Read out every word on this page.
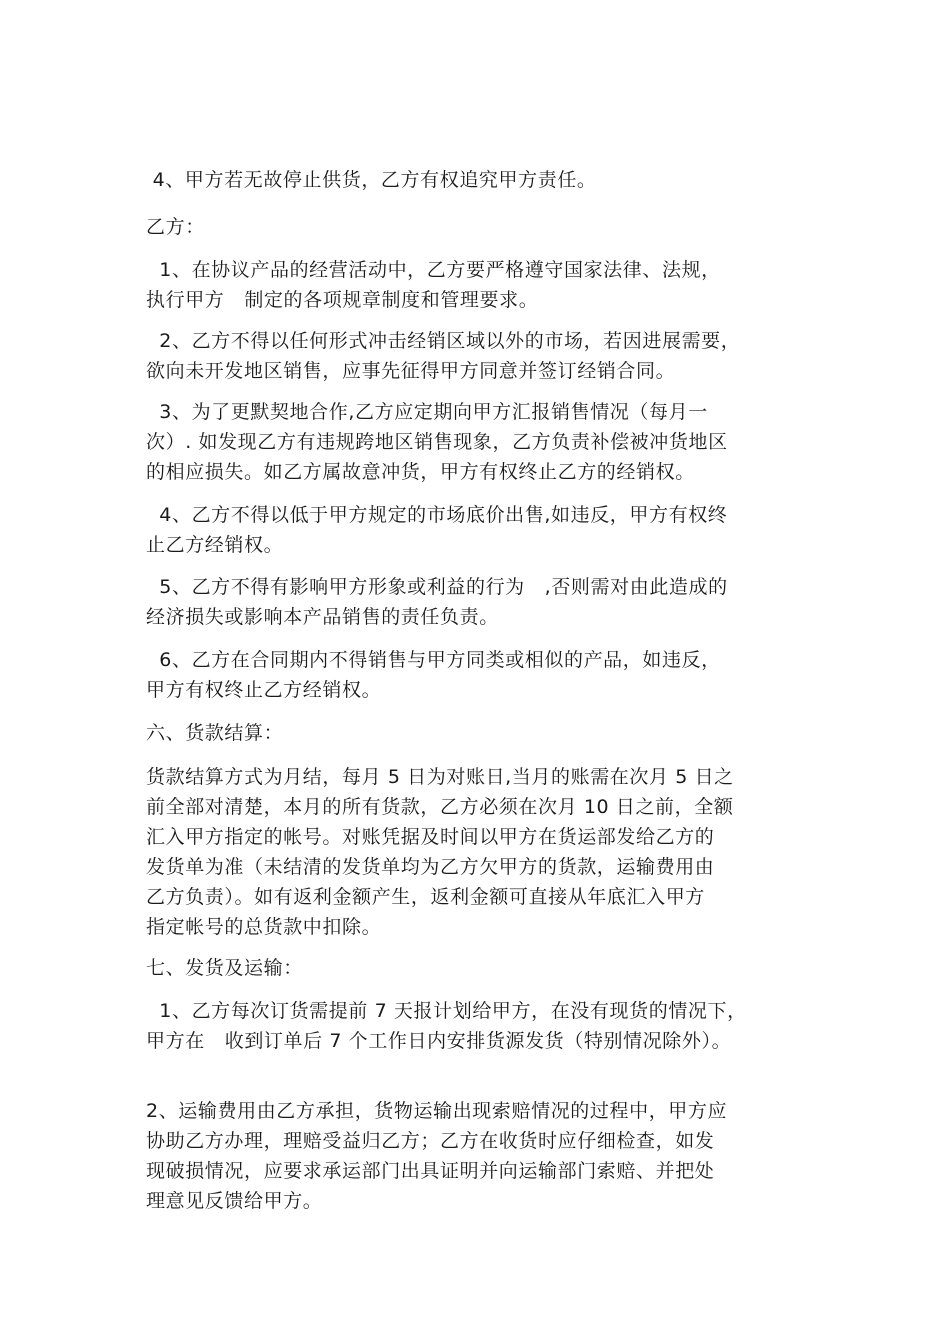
4、甲方若无故停止供货，乙方有权追究甲方责任。

乙方：

1、在协议产品的经营活动中，乙方要严格遵守国家法律、法规，
执行甲方   制定的各项规章制度和管理要求。

2、乙方不得以任何形式冲击经销区域以外的市场，若因进展需要，
欲向未开发地区销售，应事先征得甲方同意并签订经销合同。

3、为了更默契地合作,乙方应定期向甲方汇报销售情况（每月一
次）. 如发现乙方有违规跨地区销售现象，乙方负责补偿被冲货地区
的相应损失。如乙方属故意冲货，甲方有权终止乙方的经销权。

4、乙方不得以低于甲方规定的市场底价出售,如违反，甲方有权终
止乙方经销权。

5、乙方不得有影响甲方形象或利益的行为   ,否则需对由此造成的
经济损失或影响本产品销售的责任负责。

6、乙方在合同期内不得销售与甲方同类或相似的产品，如违反，
甲方有权终止乙方经销权。

六、货款结算：

货款结算方式为月结，每月 5 日为对账日,当月的账需在次月 5 日之
前全部对清楚，本月的所有货款，乙方必须在次月 10 日之前，全额
汇入甲方指定的帐号。对账凭据及时间以甲方在货运部发给乙方的
发货单为准（未结清的发货单均为乙方欠甲方的货款，运输费用由
乙方负责）。如有返利金额产生，返利金额可直接从年底汇入甲方
指定帐号的总货款中扣除。

七、发货及运输：

1、乙方每次订货需提前 7 天报计划给甲方，在没有现货的情况下，
甲方在   收到订单后 7 个工作日内安排货源发货（特别情况除外）。

2、运输费用由乙方承担，货物运输出现索赔情况的过程中，甲方应
协助乙方办理，理赔受益归乙方；乙方在收货时应仔细检查，如发
现破损情况，应要求承运部门出具证明并向运输部门索赔、并把处
理意见反馈给甲方。
